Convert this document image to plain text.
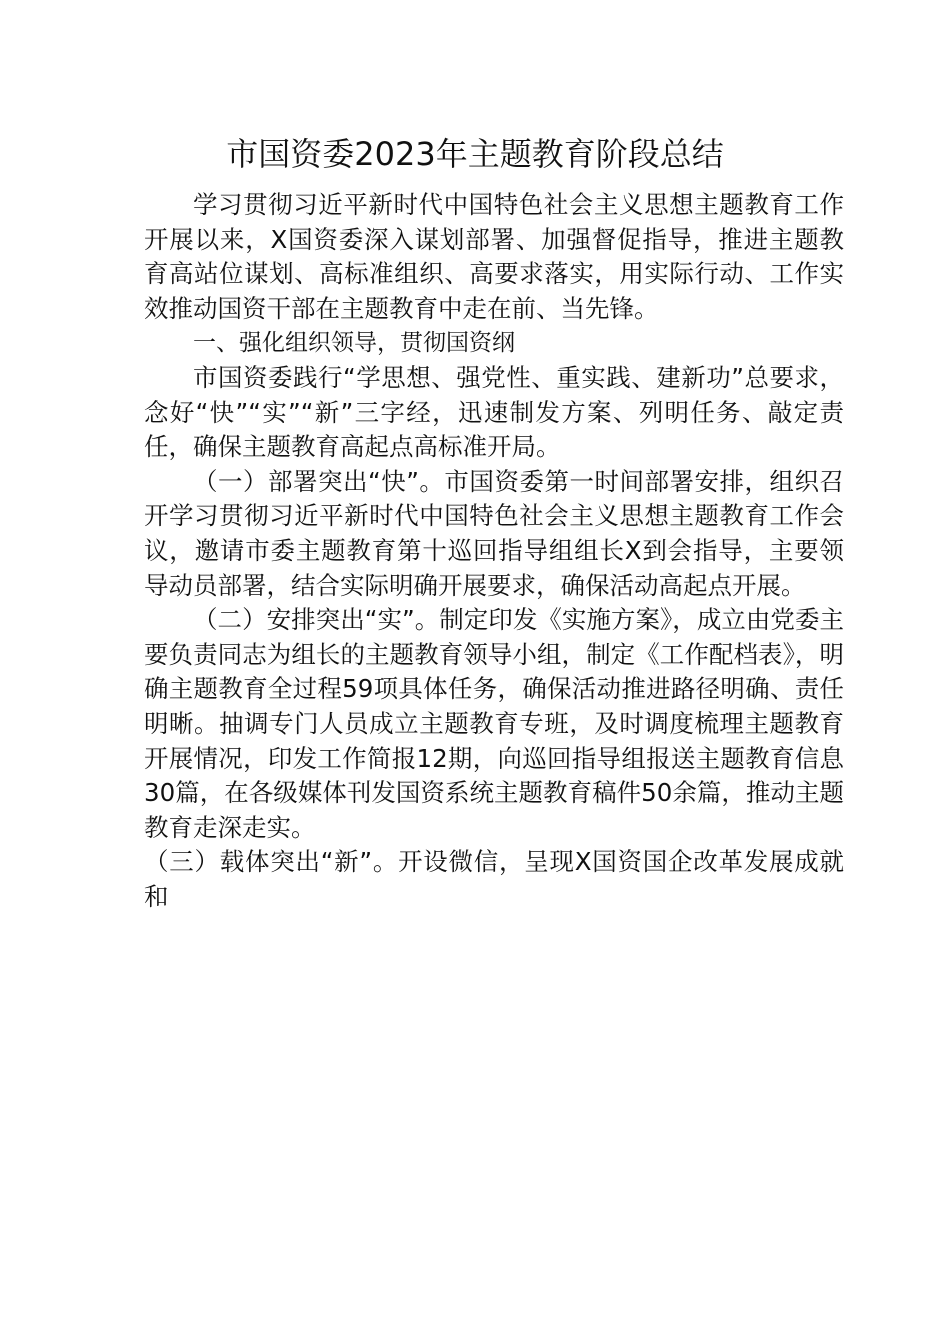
市国资委2023年主题教育阶段总结

学习贯彻习近平新时代中国特色社会主义思想主题教育工作开展以来，X国资委深入谋划部署、加强督促指导，推进主题教育高站位谋划、高标准组织、高要求落实，用实际行动、工作实效推动国资干部在主题教育中走在前、当先锋。

一、强化组织领导，贯彻国资纲

市国资委践行“学思想、强党性、重实践、建新功”总要求，念好“快”“实”“新”三字经，迅速制发方案、列明任务、敲定责任，确保主题教育高起点高标准开局。

（一）部署突出“快”。市国资委第一时间部署安排，组织召开学习贯彻习近平新时代中国特色社会主义思想主题教育工作会议，邀请市委主题教育第十巡回指导组组长X到会指导，主要领导动员部署，结合实际明确开展要求，确保活动高起点开展。

（二）安排突出“实”。制定印发《实施方案》，成立由党委主要负责同志为组长的主题教育领导小组，制定《工作配档表》，明确主题教育全过程59项具体任务，确保活动推进路径明确、责任明晰。抽调专门人员成立主题教育专班，及时调度梳理主题教育开展情况，印发工作简报12期，向巡回指导组报送主题教育信息30篇，在各级媒体刊发国资系统主题教育稿件50余篇，推动主题教育走深走实。

（三）载体突出“新”。开设微信，呈现X国资国企改革发展成就和
